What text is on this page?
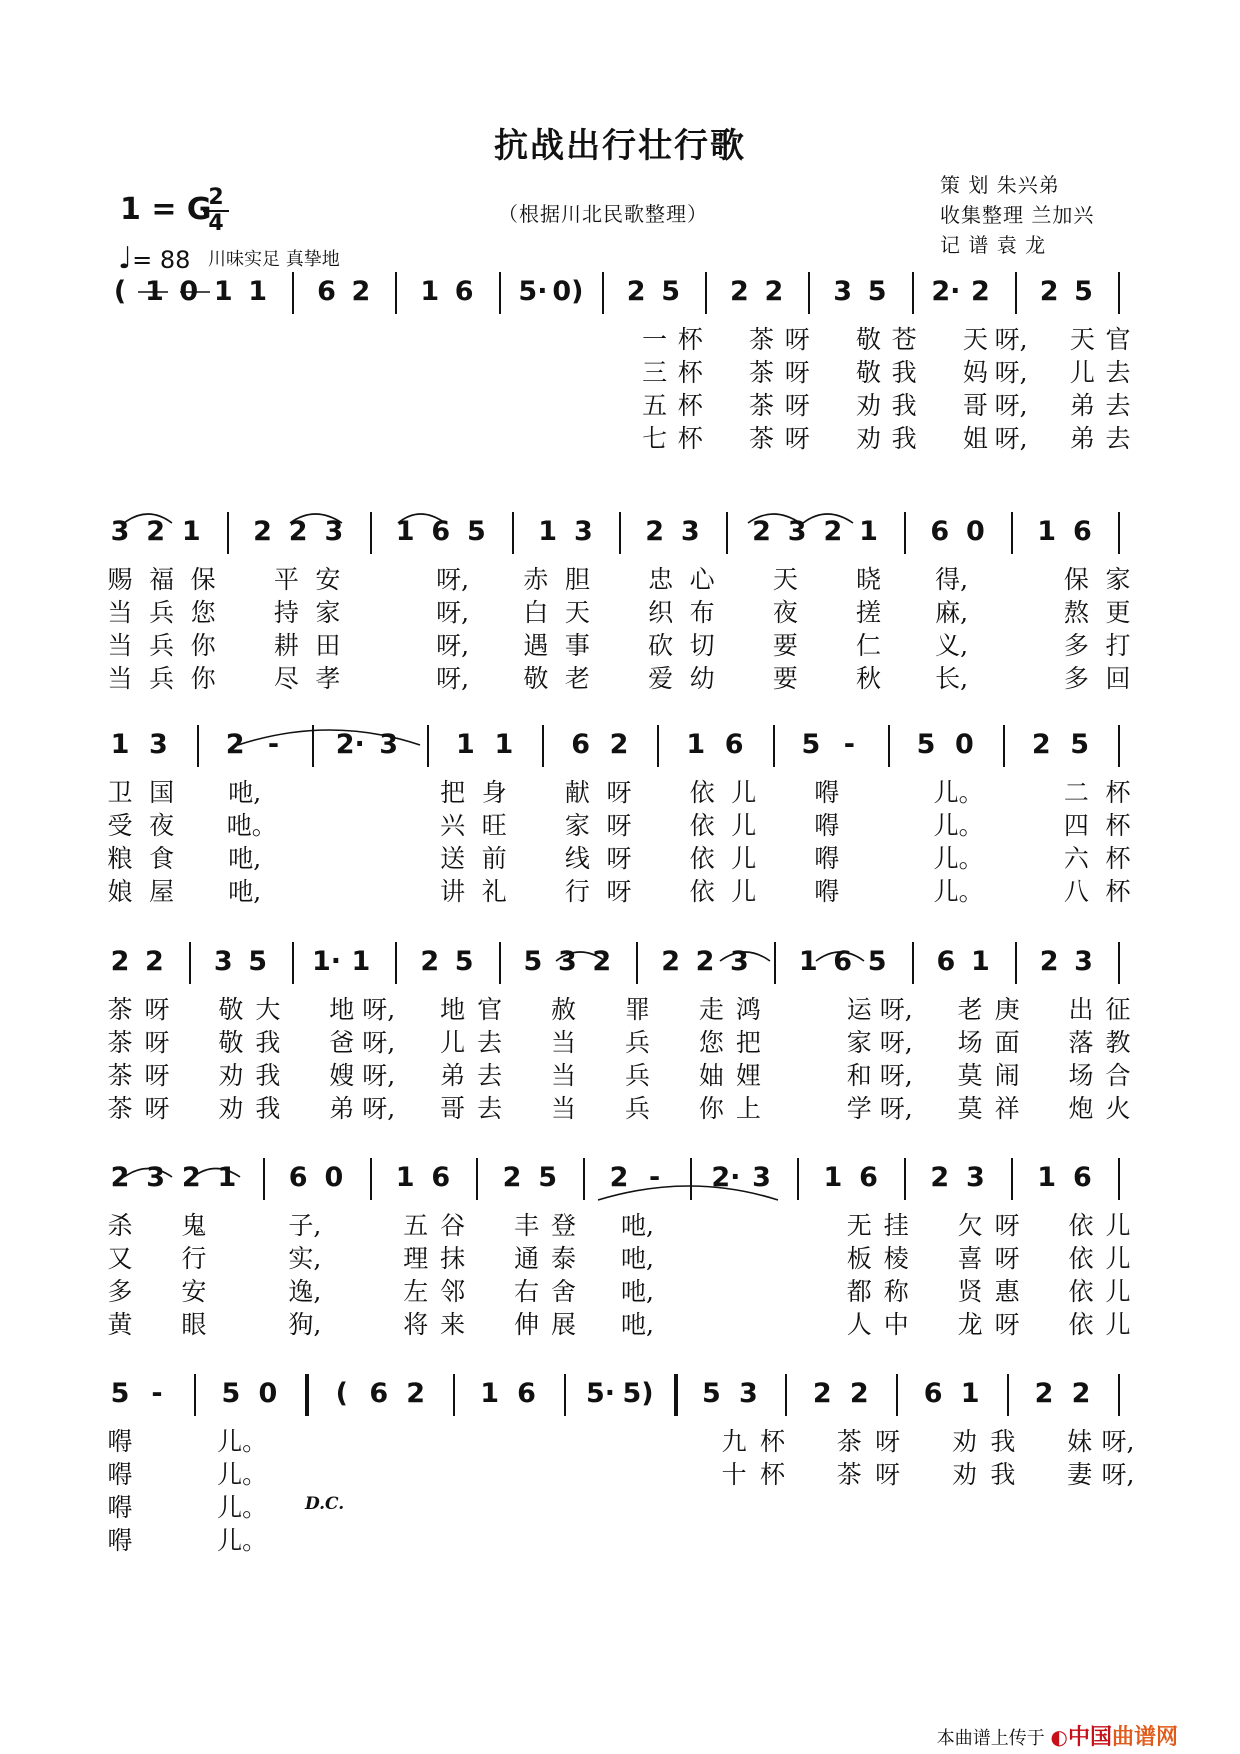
抗战出行壮行歌
1 = G
2
4
♩= 88 川味实足 真挚地
（根据川北民歌整理）
策 划 朱兴弟
收集整理 兰加兴
记 谱 袁 龙
( 1 0 1 1 6 2 1 6 5· 0) 2 5 2 2 3 5 2· 2 2 5
一 杯 茶 呀 敬 苍 天 呀, 天 官
三 杯 茶 呀 敬 我 妈 呀, 儿 去
五 杯 茶 呀 劝 我 哥 呀, 弟 去
七 杯 茶 呀 劝 我 姐 呀, 弟 去
3 2 1 2 2 3 1 6 5 1 3 2 3 2 3 2 1 6 0 1 6
赐 福 保 平 安	呀, 赤 胆 忠 心 天 晓 得,	保 家
当 兵 您 持 家	呀, 白 天 织 布 夜 搓 麻,	熬 更
当 兵 你 耕 田	呀, 遇 事 砍 切 要 仁 义,	多 打
当 兵 你 尽 孝	呀, 敬 老 爱 幼 要 秋 长,	多 回
1 3 2 -	2· 3 1 1 6 2 1 6 5 -	5 0 2 5
卫 国 吔,	把 身 献 呀 依 儿 嘚	儿。	二 杯
受 夜 吔。	兴 旺 家 呀 依 儿 嘚	儿。	四 杯
粮 食 吔,	送 前 线 呀 依 儿 嘚	儿。	六 杯
娘 屋 吔,	讲 礼 行 呀 依 儿 嘚	儿。	八 杯
2 2 3 5 1· 1 2 5 5 3 2 2 2 3 1 6 5 6 1 2 3
茶 呀 敬 大 地 呀, 地 官 赦 罪 走 鸿	运 呀, 老 庚 出 征
茶 呀 敬 我 爸 呀, 儿 去 当 兵 您 把	家 呀, 场 面 落 教
茶 呀 劝 我 嫂 呀, 弟 去 当 兵 妯 娌	和 呀, 莫 闹 场 合
茶 呀 劝 我 弟 呀, 哥 去 当 兵 你 上	学 呀, 莫 祥 炮 火
2 3 2 1 6 0 1 6 2 5 2 -	2· 3 1 6 2 3 1 6
杀 鬼	子,	五 谷 丰 登 吔,	无 挂 欠 呀 依 儿
又 行	实,	理 抹 通 泰 吔,	板 棱 喜 呀 依 儿
多 安	逸,	左 邻 右 舍 吔,	都 称 贤 惠 依 儿
黄 眼	狗,	将 来 伸 展 吔,	人 中 龙 呀 依 儿
5 -	5 0	( 6 2 1 6 5· 5) 5 3 2 2 6 1 2 2
嘚	儿。	九 杯 茶 呀 劝 我 妹 呀,
嘚	儿。	十 杯 茶 呀 劝 我 妻 呀,
嘚	儿。
嘚	儿。
D.C.
本曲谱上传于 ◐中国曲谱网
